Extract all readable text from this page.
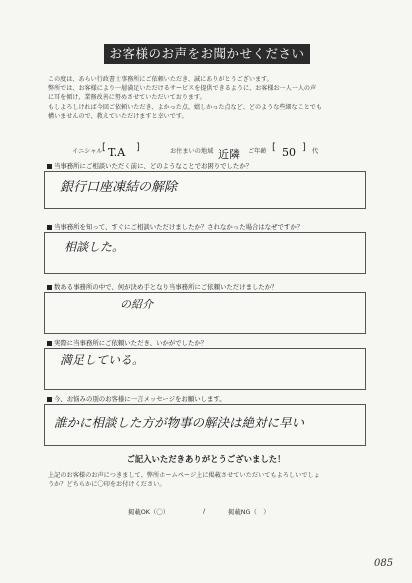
お客様のお声をお聞かせください
この度は、あらい行政書士事務所にご依頼いただき、誠にありがとうございます。
弊所では、お客様により一層満足いただけるサービスを提供できるように、お客様お一人一人の声
に耳を傾け、業務改善に努めさせていただいております。
もしよろしければ今回ご依頼いただき、よかった点、嬉しかった点など、どのような些細なことでも
構いませんので、教えていただけますと幸いです。
イニシャル [ T.A ]	お住まいの地域 近隣 ご年齢 [ 50 ] 代
当事務所にご相談いただく前に、どのようなことでお困りでしたか？
銀行口座凍結の解除
当事務所を知って、すぐにご相談いただけましたか？されなかった場合はなぜですか？
相談した。
数ある事務所の中で、何が決め手となり当事務所にご依頼いただけましたか？
の紹介
実際に当事務所にご依頼いただき、いかがでしたか？
満足している。
今、お悩みの別のお客様に一言メッセージをお願いします。
誰かに相談した方が物事の解決は絶対に早い
ご記入いただきありがとうございました！
上記のお客様のお声につきまして、弊所ホームページ上に掲載させていただいてもよろしいでしょ
うか？どちらかに〇印をお付けください。
掲載OK（〇）	/	掲載NG（　）
085
